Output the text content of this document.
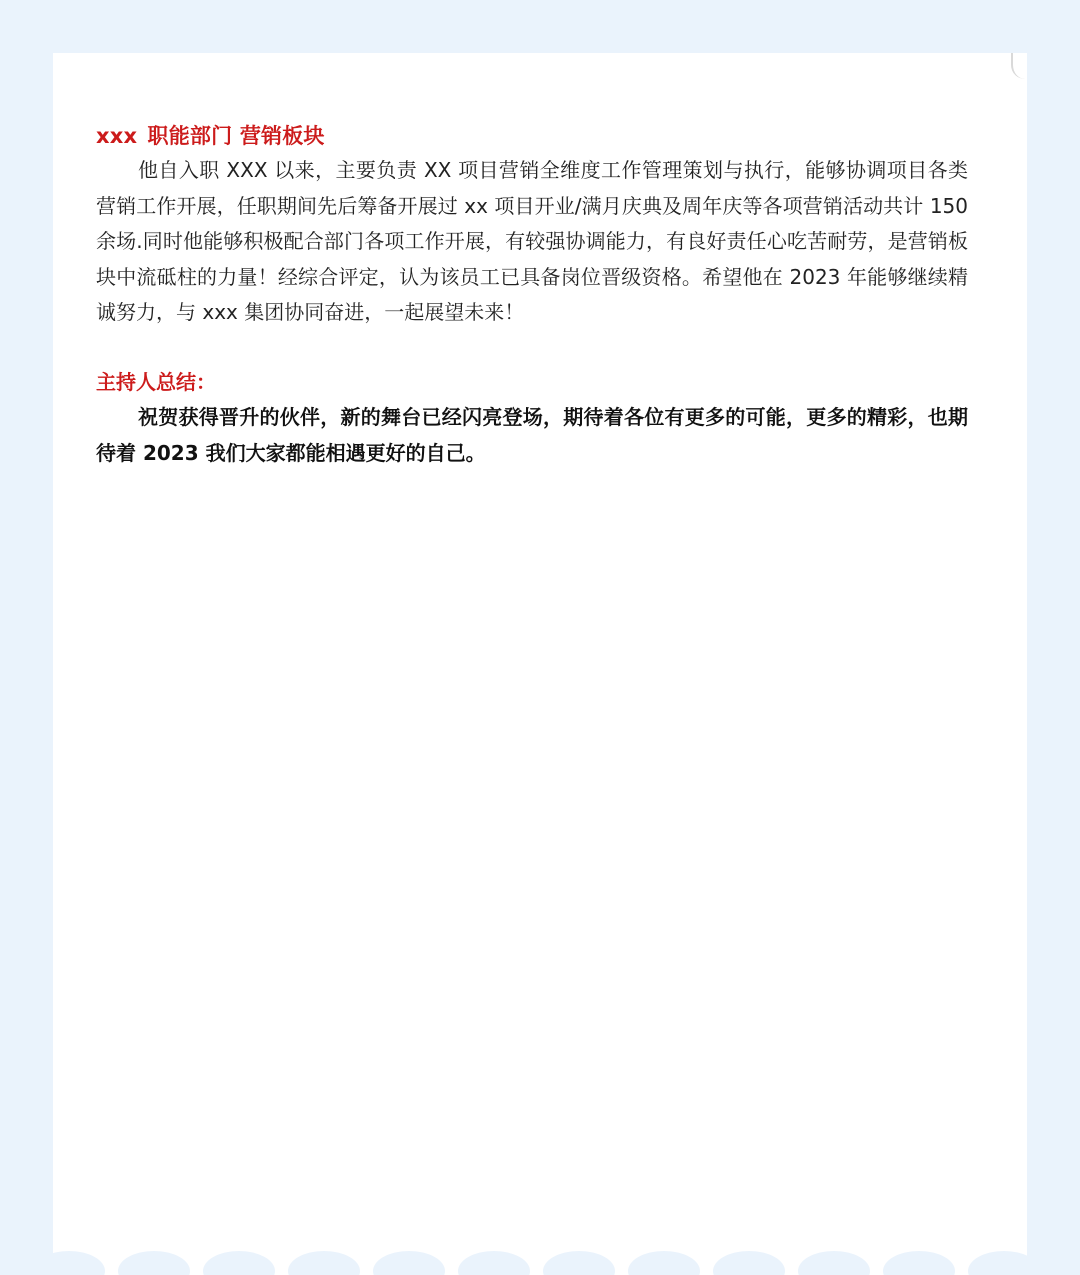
xxx 职能部门 营销板块

他自入职 XXX 以来，主要负责 XX 项目营销全维度工作管理策划与执行，能够协调项目各类营销工作开展，任职期间先后筹备开展过 xx 项目开业/满月庆典及周年庆等各项营销活动共计 150 余场.同时他能够积极配合部门各项工作开展，有较强协调能力，有良好责任心吃苦耐劳，是营销板块中流砥柱的力量！经综合评定，认为该员工已具备岗位晋级资格。希望他在 2023 年能够继续精诚努力，与 xxx 集团协同奋进，一起展望未来！

主持人总结：

祝贺获得晋升的伙伴，新的舞台已经闪亮登场，期待着各位有更多的可能，更多的精彩，也期待着 2023 我们大家都能相遇更好的自己。
